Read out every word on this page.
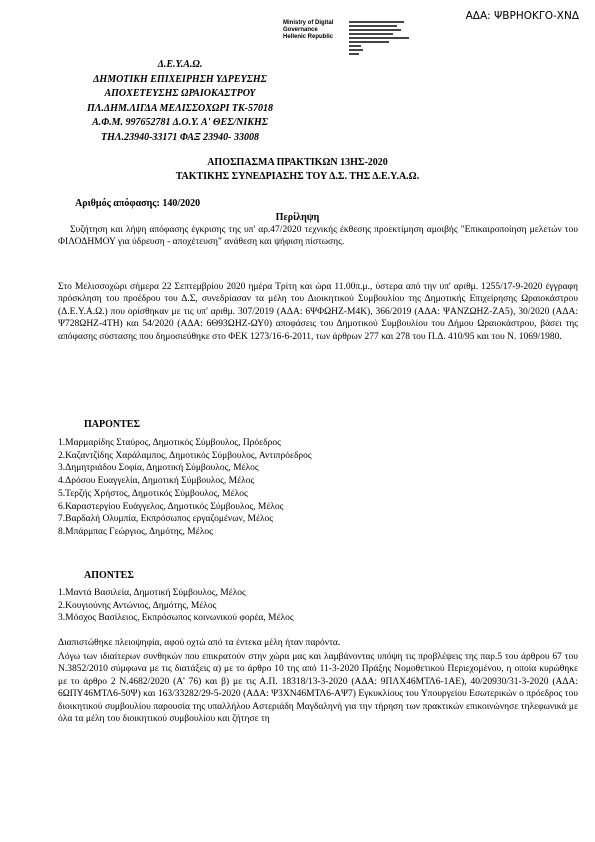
ΑΔΑ: ΨΒΡΗΟΚΓΟ-ΧΝΔ
Ministry of Digital
Governance
Hellenic Republic
Δ.Ε.Υ.Α.Ω.
ΔΗΜΟΤΙΚΗ ΕΠΙΧΕΙΡΗΣΗ ΥΔΡΕΥΣΗΣ
ΑΠΟΧΕΤΕΥΣΗΣ ΩΡΑΙΟΚΑΣΤΡΟΥ
ΠΛ.ΔΗΜ.ΛΙΓΔΑ ΜΕΛΙΣΣΟΧΩΡΙ ΤΚ-57018
Α.Φ.Μ. 997652781 Δ.Ο.Υ. Α' ΘΕΣ/ΝΙΚΗΣ
ΤΗΛ.23940-33171 ΦΑΞ 23940- 33008
ΑΠΟΣΠΑΣΜΑ ΠΡΑΚΤΙΚΩΝ 13ΗΣ-2020
ΤΑΚΤΙΚΗΣ ΣΥΝΕΔΡΙΑΣΗΣ ΤΟΥ Δ.Σ. ΤΗΣ Δ.Ε.Υ.Α.Ω.
Αριθμός απόφασης: 140/2020
Περίληψη
Συζήτηση και λήψη απόφασης έγκρισης της υπ' αρ.47/2020 τεχνικής έκθεσης προεκτίμηση αμοιβής "Επικαιροποίηση μελετών του ΦΙΛΟΔΗΜΟΥ για ύδρευση - αποχέτευση" ανάθεση και ψήφιση πίστωσης.
Στο Μελισσοχώρι σήμερα 22 Σεπτεμβρίου 2020 ημέρα Τρίτη και ώρα 11.00π.μ., ύστερα από την υπ' αριθμ. 1255/17-9-2020 έγγραφη πρόσκληση του προέδρου του Δ.Σ, συνεδρίασαν τα μέλη του Διοικητικού Συμβουλίου της Δημοτικής Επιχείρησης Ωραιοκάστρου (Δ.Ε.Υ.Α.Ω.) που ορίσθηκαν με τις υπ' αριθμ. 307/2019 (ΑΔΑ: 6ΨΦΩΗΖ-Μ4Κ), 366/2019 (ΑΔΑ: ΨΑΝΖΩΗΖ-ΖΑ5), 30/2020 (ΑΔΑ: Ψ728ΩΗΖ-4ΤΗ) και 54/2020 (ΑΔΑ: 6Θ93ΩΗΖ-ΩΥ0) αποφάσεις του Δημοτικού Συμβουλίου του Δήμου Ωραιοκάστρου, βάσει της απόφασης σύστασης που δημοσιεύθηκε στο ΦΕΚ 1273/16-6-2011, των άρθρων 277 και 278 του Π.Δ. 410/95 και του Ν. 1069/1980.
ΠΑΡΟΝΤΕΣ
1.Μαρμαρίδης Σταύρος, Δημοτικός Σύμβουλος, Πρόεδρος
2.Καζαντζίδης Χαράλαμπος, Δημοτικός Σύμβουλος, Αντιπρόεδρος
3.Δημητριάδου Σοφία, Δημοτική Σύμβουλος, Μέλος
4.Δρόσου Ευαγγελία, Δημοτική Σύμβουλος, Μέλος
5.Τερζής Χρήστος, Δημοτικός Σύμβουλος, Μέλος
6.Καραστεργίου Ευάγγελος, Δημοτικός Σύμβουλος, Μέλος
7.Βαρδαλή Ολυμπία, Εκπρόσωπος εργαζομένων, Μέλος
8.Μπάρμπας Γεώργιος, Δημότης, Μέλος
ΑΠΟΝΤΕΣ
1.Μαντά Βασιλεία, Δημοτική Σύμβουλος, Μέλος
2.Κουγιούνης Αντώνιος, Δημότης, Μέλος
3.Μόσχος Βασίλειος, Εκπρόσωπος κοινωνικού φορέα, Μέλος
Διαπιστώθηκε πλειοψηφία, αφού οχτώ από τα έντεκα μέλη ήταν παρόντα.
Λόγω των ιδιαίτερων συνθηκών που επικρατούν στην χώρα μας και λαμβάνοντας υπόψη τις προβλέψεις της παρ.5 του άρθρου 67 του Ν.3852/2010 σύμφωνα με τις διατάξεις α) με το άρθρο 10 της από 11-3-2020 Πράξης Νομοθετικού Περιεχομένου, η οποία κυρώθηκε με το άρθρο 2 Ν.4682/2020 (Α' 76) και β) με τις Α.Π. 18318/13-3-2020 (ΑΔΑ: 9ΠΛΧ46ΜΤΛ6-1ΑΕ), 40/20930/31-3-2020 (ΑΔΑ: 6ΩΠΥ46ΜΤΛ6-50Ψ) και 163/33282/29-5-2020 (ΑΔΑ: Ψ3ΧΝ46ΜΤΛ6-ΑΨ7) Εγκυκλίους του Υπουργείου Εσωτερικών ο πρόεδρος του διοικητικού συμβουλίου παρουσία της υπαλλήλου Αστεριάδη Μαγδαληνή για την τήρηση των πρακτικών επικοινώνησε τηλεφωνικά με όλα τα μέλη του διοικητικού συμβουλίου και ζήτησε τη
